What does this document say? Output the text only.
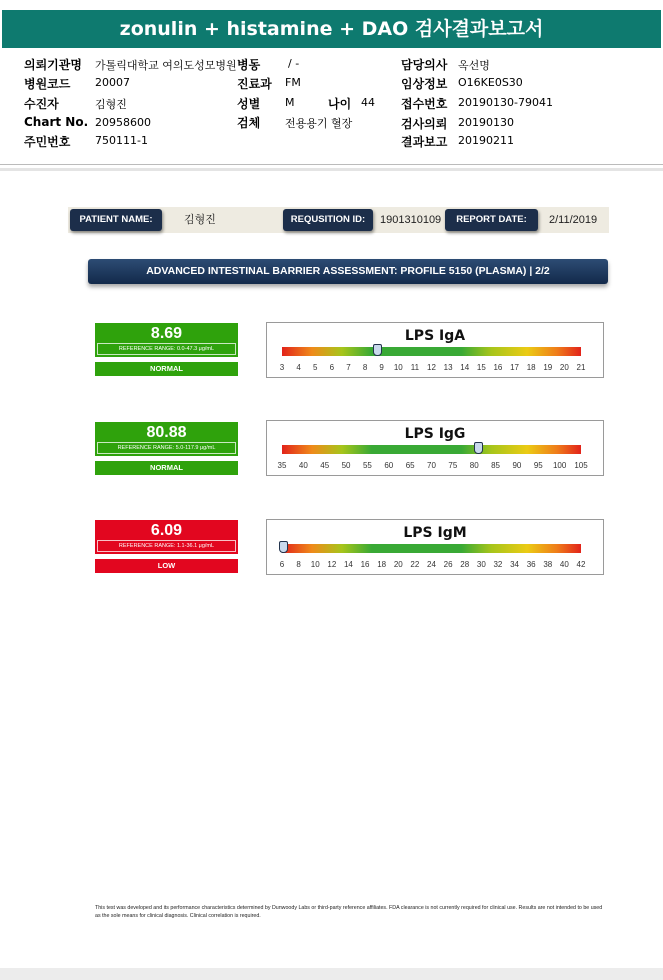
zonulin + histamine + DAO 검사결과보고서
의뢰기관명 가톨릭대학교 여의도성모병원
병원코드 20007
수진자	김형진
Chart No. 20958600
주민번호 750111-1
병동	/ -
진료과 FM
성별 M	나이 44
검체 전용용기 혈장
담당의사 옥선명
임상정보 O16KE0S30
접수번호 20190130-79041
검사의뢰 20190130
결과보고 20190211
PATIENT NAME:	김형진	REQUSITION ID:	1901310109	REPORT DATE:	2/11/2019
ADVANCED INTESTINAL BARRIER ASSESSMENT: PROFILE 5150 (PLASMA) | 2/2
8.69
REFERENCE RANGE: 0.0-47.3 μg/mL
NORMAL
LPS IgA
3 4 5 6 7 8 9 10 11 12 13 14 15 16 17 18 19 20 21
80.88
REFERENCE RANGE: 5.0-117.9 μg/mL
NORMAL
LPS IgG
35 40 45 50 55 60 65 70 75 80 85 90 95 100 105
6.09
REFERENCE RANGE: 1.1-36.1 μg/mL
LOW
LPS IgM
6 8 10 12 14 16 18 20 22 24 26 28 30 32 34 36 38 40 42
This test was developed and its performance characteristics determined by Dunwoody Labs or third-party reference affiliates. FDA clearance is not currently required for clinical use. Results are not intended to be used as the sole means for clinical diagnosis. Clinical correlation is required.
